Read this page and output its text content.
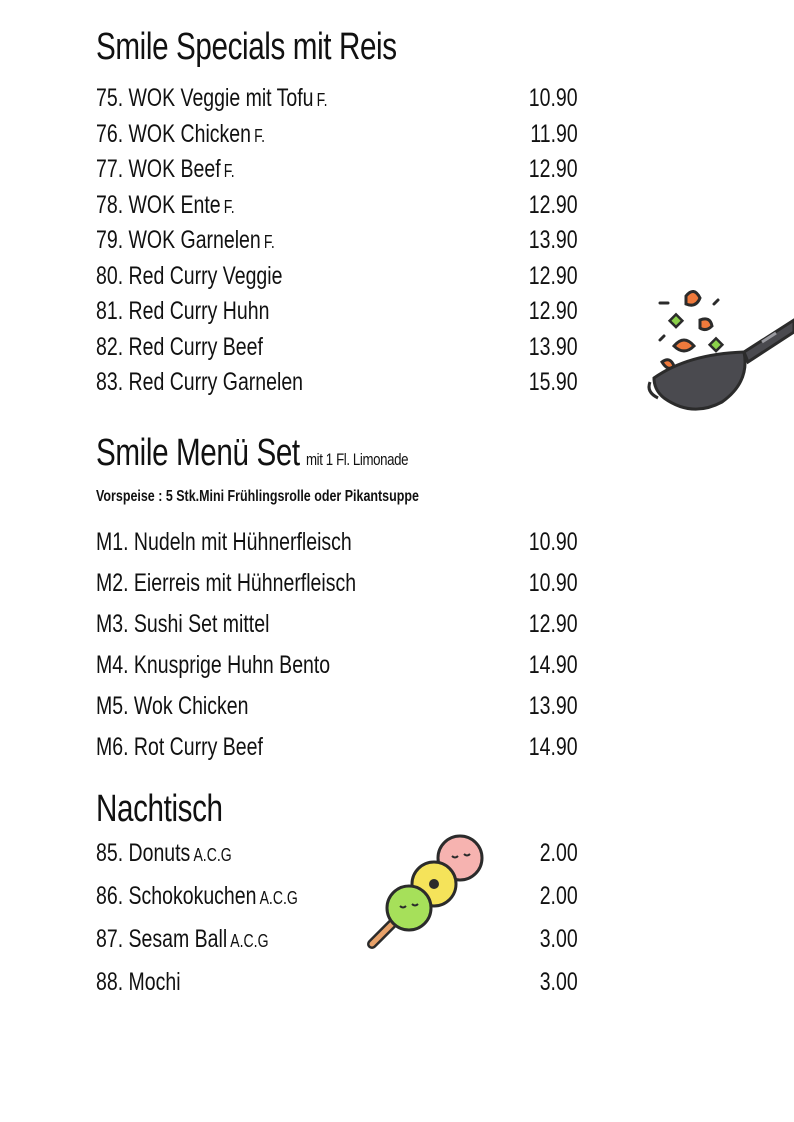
Smile Specials mit Reis
75. WOK Veggie mit Tofu F.	10.90
76. WOK Chicken F.	11.90
77. WOK Beef F.	12.90
78. WOK Ente F.	12.90
79. WOK Garnelen F.	13.90
80. Red Curry Veggie	12.90
81. Red Curry Huhn	12.90
82. Red Curry Beef	13.90
83. Red Curry Garnelen	15.90
Smile Menü Set mit 1 Fl. Limonade
Vorspeise : 5 Stk.Mini Frühlingsrolle oder Pikantsuppe
M1. Nudeln mit Hühnerfleisch	10.90
M2. Eierreis mit Hühnerfleisch	10.90
M3. Sushi Set mittel	12.90
M4. Knusprige Huhn Bento	14.90
M5. Wok Chicken	13.90
M6. Rot Curry Beef	14.90
Nachtisch
85. Donuts A.C.G	2.00
86. Schokokuchen A.C.G	2.00
87. Sesam Ball A.C.G	3.00
88. Mochi	3.00
